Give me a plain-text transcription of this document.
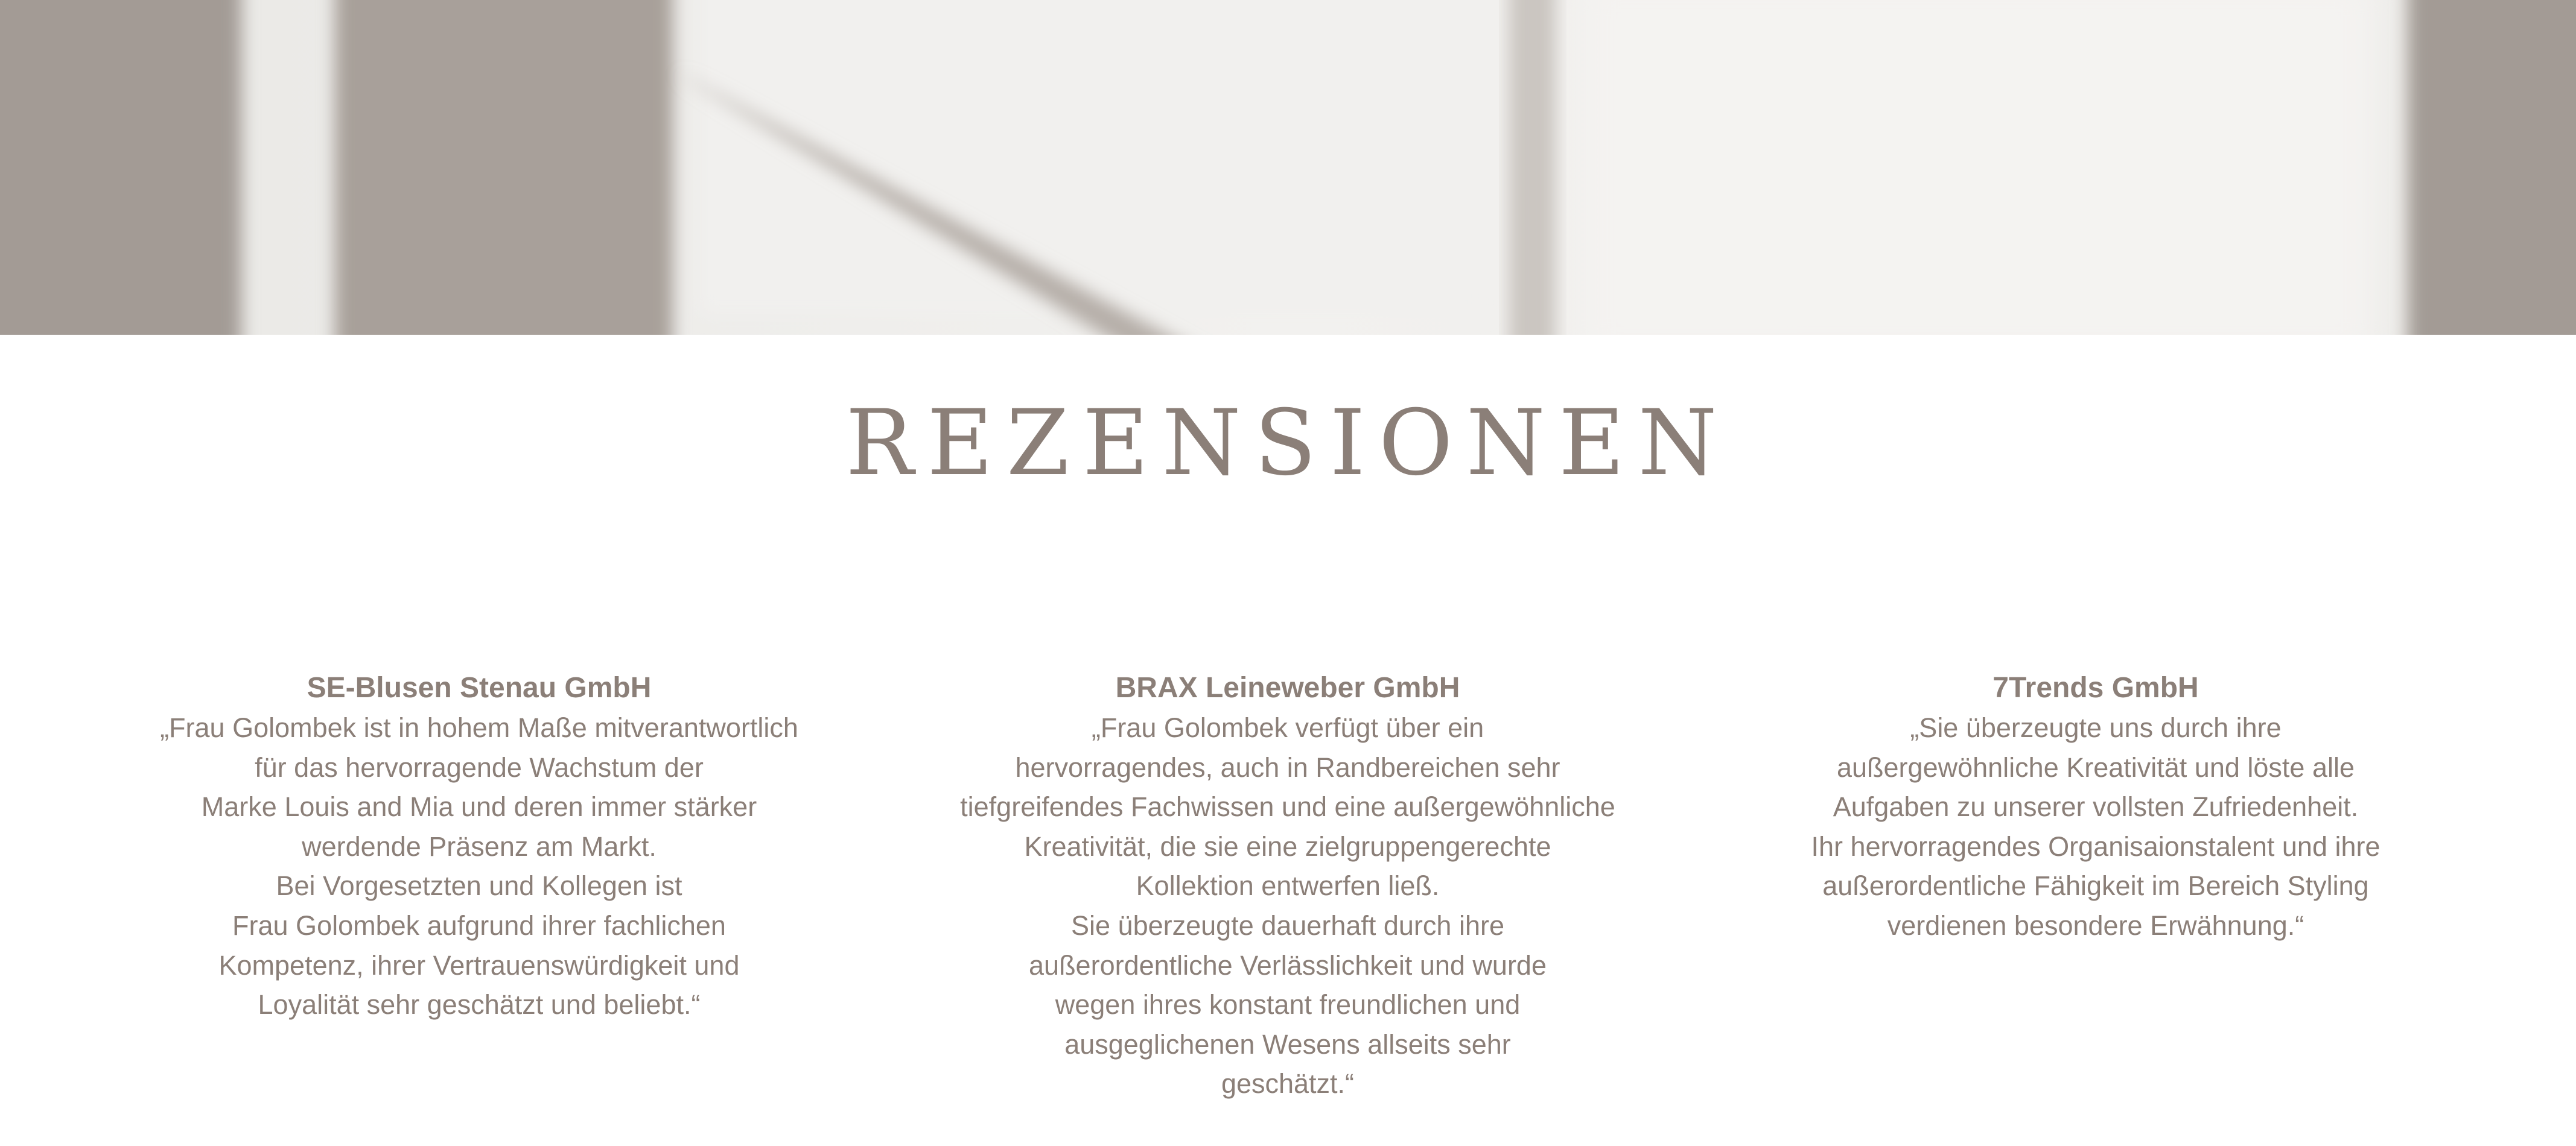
REZENSIONEN

SE-Blusen Stenau GmbH

„Frau Golombek ist in hohem Maße mitverantwortlich
für das hervorragende Wachstum der
Marke Louis and Mia und deren immer stärker
werdende Präsenz am Markt.
Bei Vorgesetzten und Kollegen ist
Frau Golombek aufgrund ihrer fachlichen
Kompetenz, ihrer Vertrauenswürdigkeit und
Loyalität sehr geschätzt und beliebt.“

BRAX Leineweber GmbH

„Frau Golombek verfügt über ein
hervorragendes, auch in Randbereichen sehr
tiefgreifendes Fachwissen und eine außergewöhnliche
Kreativität, die sie eine zielgruppengerechte
Kollektion entwerfen ließ.
Sie überzeugte dauerhaft durch ihre
außerordentliche Verlässlichkeit und wurde
wegen ihres konstant freundlichen und
ausgeglichenen Wesens allseits sehr
geschätzt.“

7Trends GmbH

„Sie überzeugte uns durch ihre
außergewöhnliche Kreativität und löste alle
Aufgaben zu unserer vollsten Zufriedenheit.
Ihr hervorragendes Organisaionstalent und ihre
außerordentliche Fähigkeit im Bereich Styling
verdienen besondere Erwähnung.“
